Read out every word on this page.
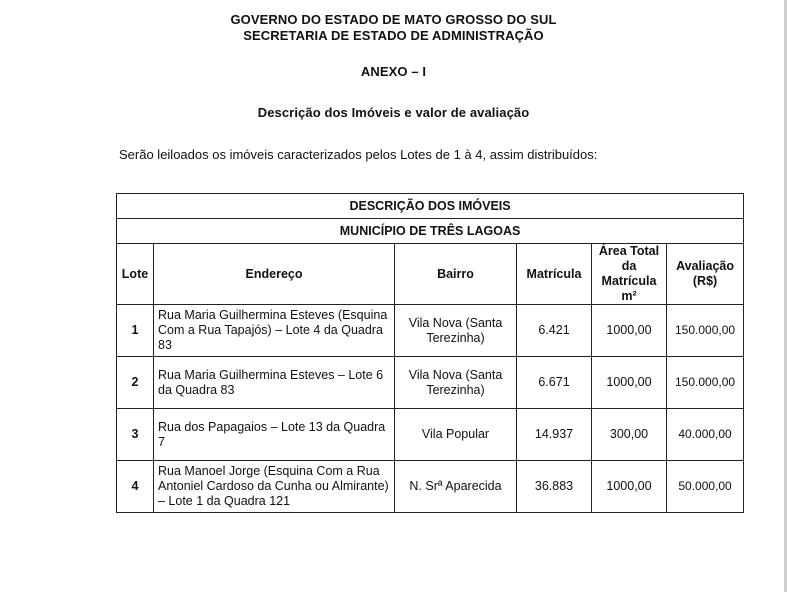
GOVERNO DO ESTADO DE MATO GROSSO DO SUL
SECRETARIA DE ESTADO DE ADMINISTRAÇÃO
ANEXO – I
Descrição dos Imóveis e valor de avaliação
Serão leiloados os imóveis caracterizados pelos Lotes de 1 à 4, assim distribuídos:
DESCRIÇÃO DOS IMÓVEIS					
MUNICÍPIO DE TRÊS LAGOAS					
Lote	Endereço	Bairro	Matrícula	Área Total da Matrícula m²	Avaliação (R$)
1	Rua Maria Guilhermina Esteves (Esquina Com a Rua Tapajós) – Lote 4 da Quadra 83	Vila Nova (Santa Terezinha)	6.421	1000,00	150.000,00
2	Rua Maria Guilhermina Esteves – Lote 6 da Quadra 83	Vila Nova (Santa Terezinha)	6.671	1000,00	150.000,00
3	Rua dos Papagaios – Lote 13 da Quadra 7	Vila Popular	14.937	300,00	40.000,00
4	Rua Manoel Jorge (Esquina Com a Rua Antoniel Cardoso da Cunha ou Almirante) – Lote 1 da Quadra 121	N. Srª Aparecida	36.883	1000,00	50.000,00
